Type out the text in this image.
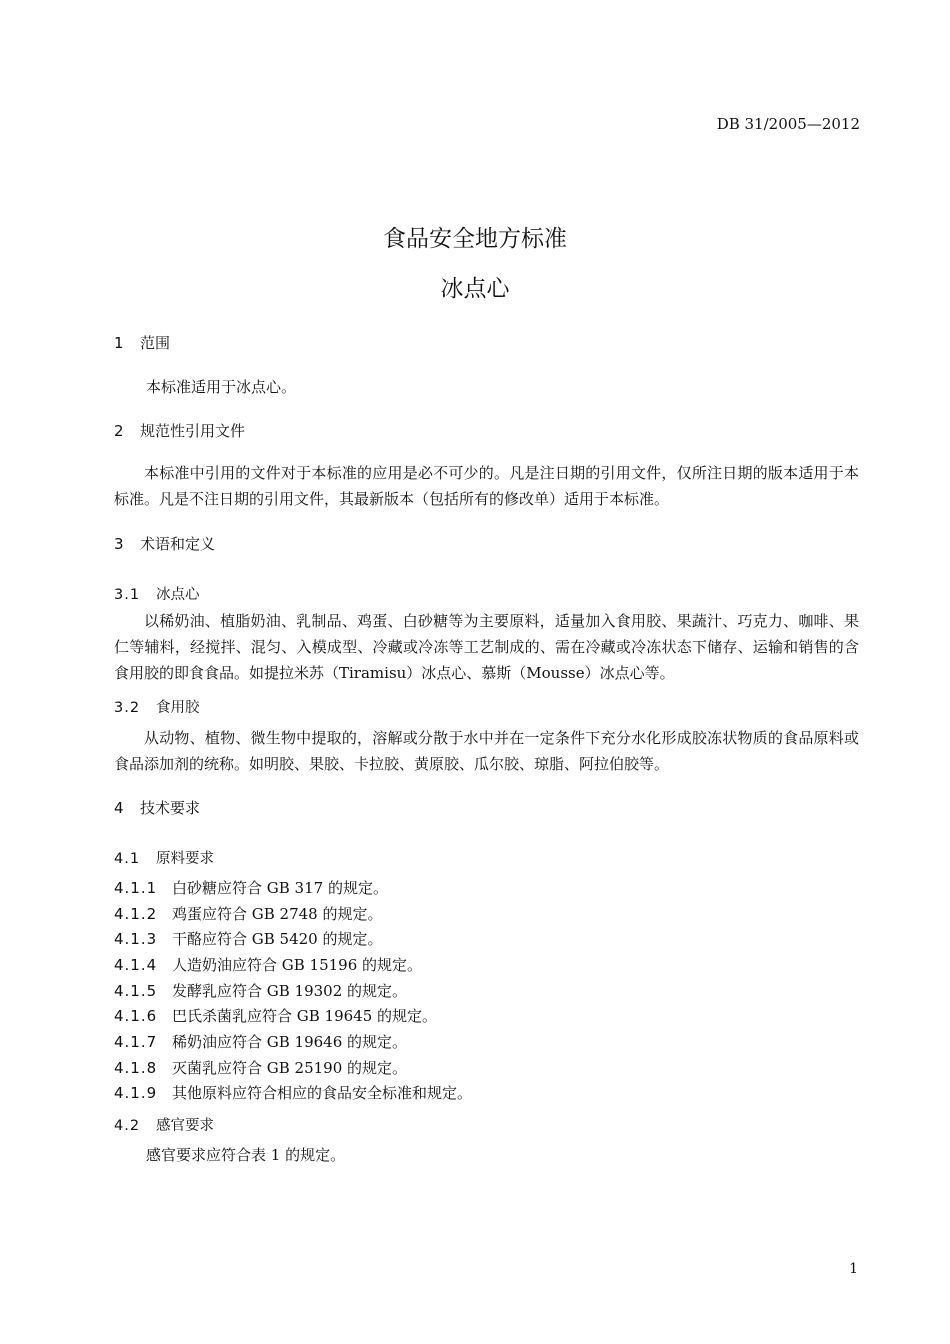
DB 31/2005—2012
食品安全地方标准
冰点心
1 范围
本标准适用于冰点心。
2 规范性引用文件
本标准中引用的文件对于本标准的应用是必不可少的。凡是注日期的引用文件，仅所注日期的版本适用于本标准。凡是不注日期的引用文件，其最新版本（包括所有的修改单）适用于本标准。
3 术语和定义
3.1 冰点心
以稀奶油、植脂奶油、乳制品、鸡蛋、白砂糖等为主要原料，适量加入食用胶、果蔬汁、巧克力、咖啡、果仁等辅料，经搅拌、混匀、入模成型、冷藏或冷冻等工艺制成的、需在冷藏或冷冻状态下储存、运输和销售的含食用胶的即食食品。如提拉米苏（Tiramisu）冰点心、慕斯（Mousse）冰点心等。
3.2 食用胶
从动物、植物、微生物中提取的，溶解或分散于水中并在一定条件下充分水化形成胶冻状物质的食品原料或食品添加剂的统称。如明胶、果胶、卡拉胶、黄原胶、瓜尔胶、琼脂、阿拉伯胶等。
4 技术要求
4.1 原料要求
4.1.1 白砂糖应符合 GB 317 的规定。
4.1.2 鸡蛋应符合 GB 2748 的规定。
4.1.3 干酪应符合 GB 5420 的规定。
4.1.4 人造奶油应符合 GB 15196 的规定。
4.1.5 发酵乳应符合 GB 19302 的规定。
4.1.6 巴氏杀菌乳应符合 GB 19645 的规定。
4.1.7 稀奶油应符合 GB 19646 的规定。
4.1.8 灭菌乳应符合 GB 25190 的规定。
4.1.9 其他原料应符合相应的食品安全标准和规定。
4.2 感官要求
感官要求应符合表 1 的规定。
1
